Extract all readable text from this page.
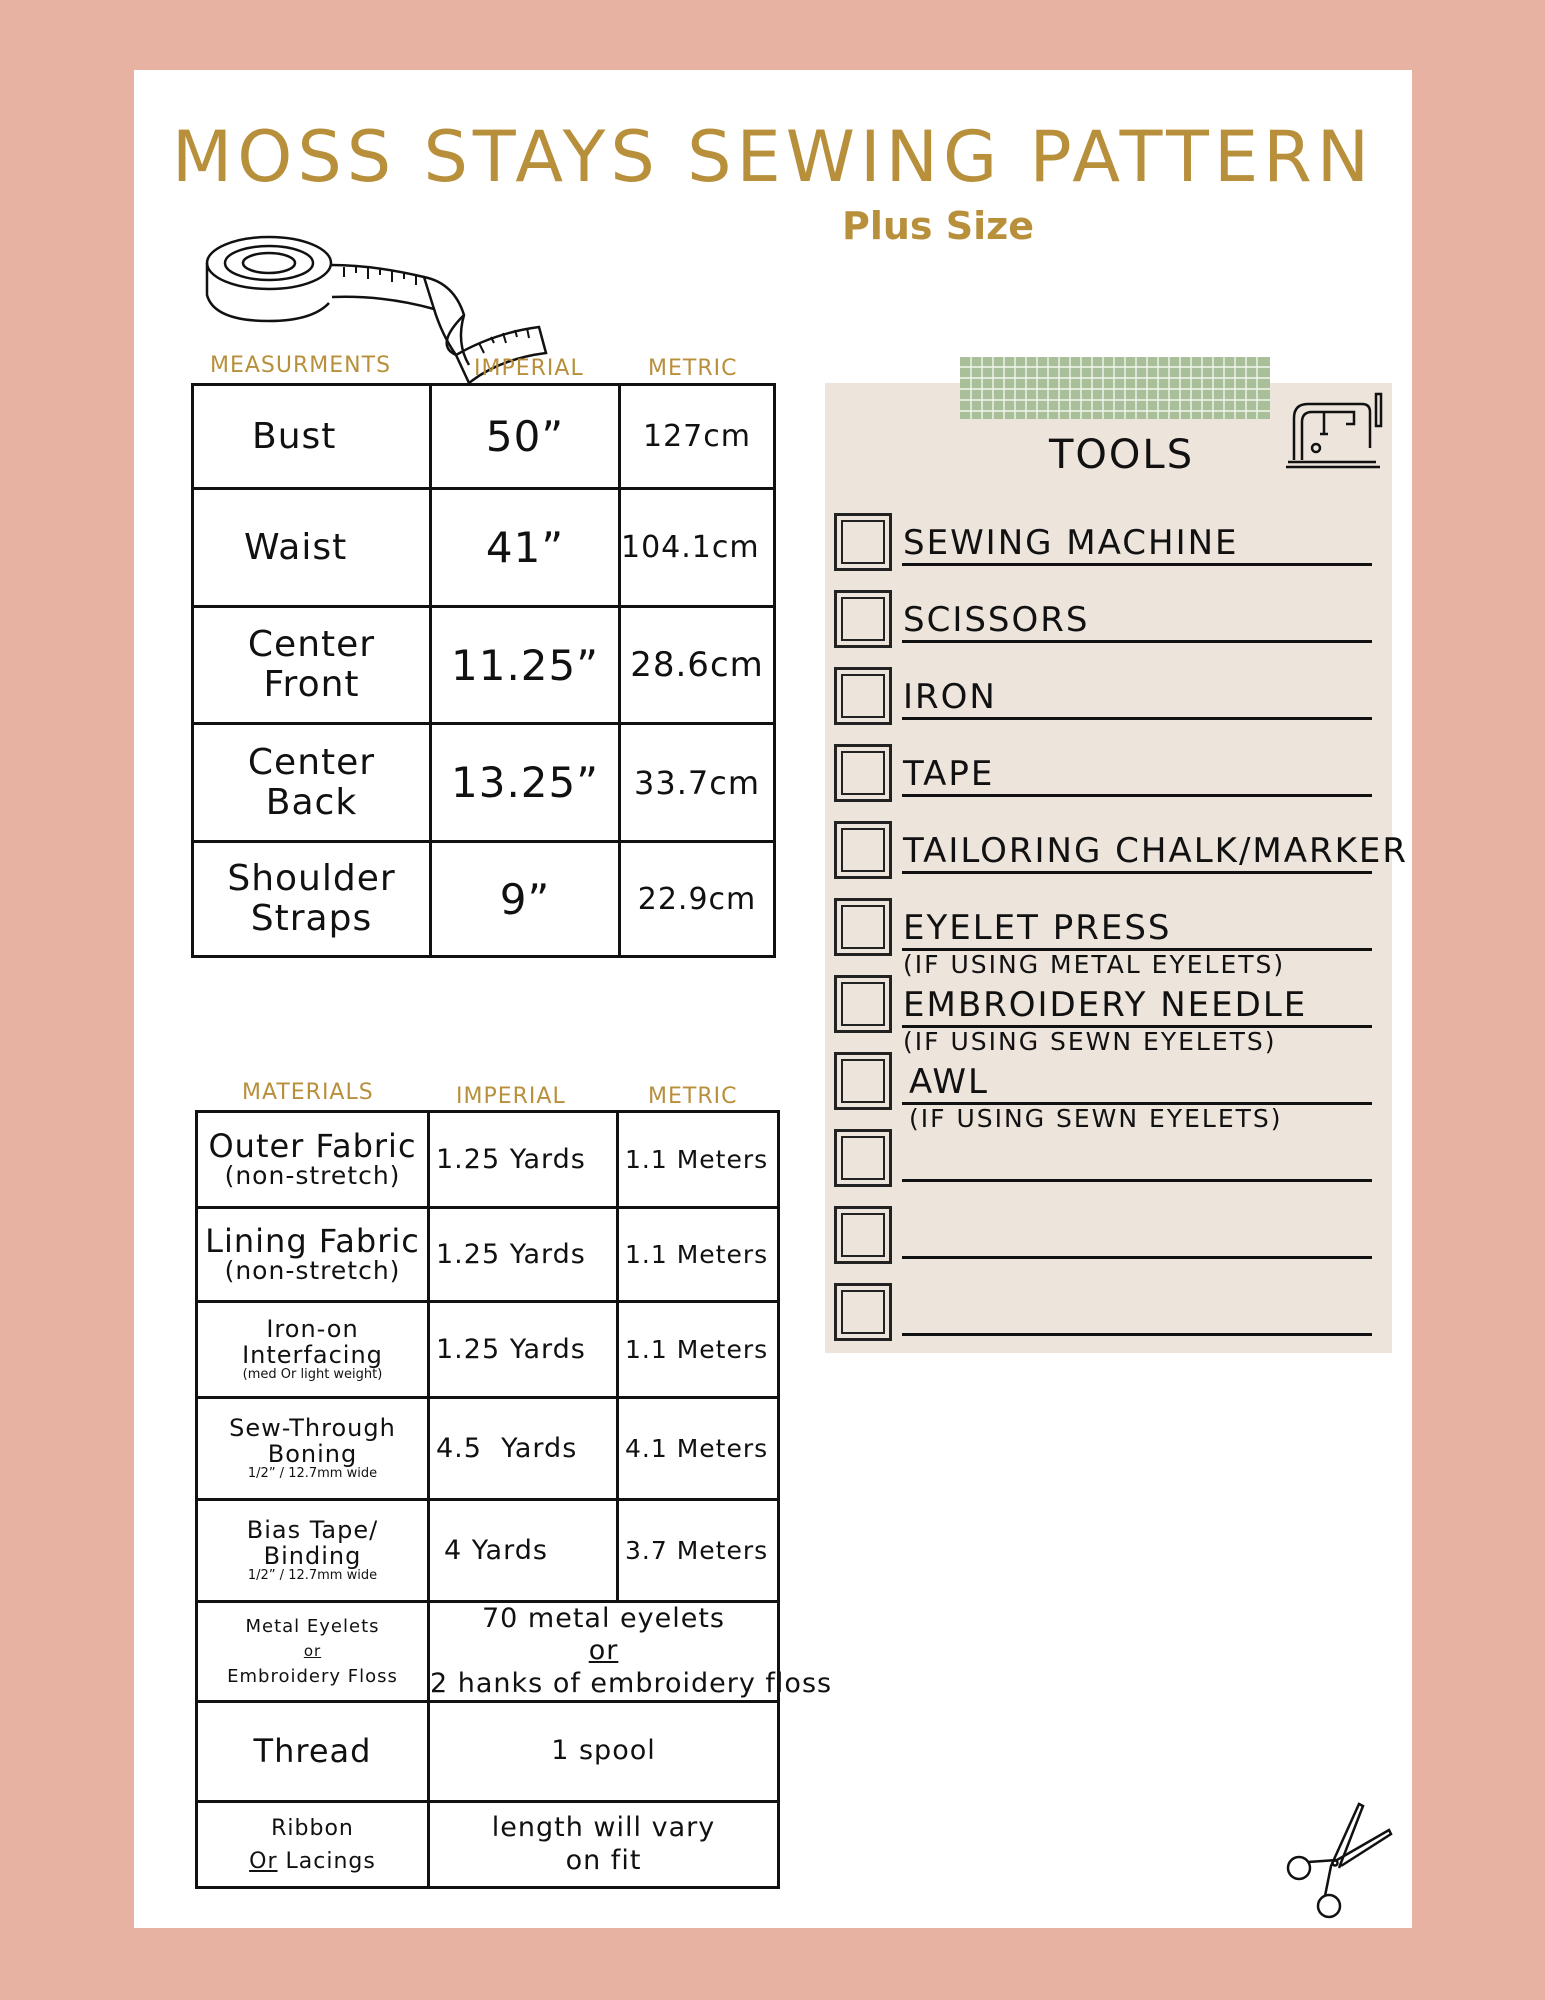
MOSS STAYS SEWING PATTERN
Plus Size
MEASURMENTS	IMPERIAL	METRIC
Bust	50”	127cm
Waist	41”	104.1cm

Center
Front	11.25”	28.6cm

Center
Back	13.25”	33.7cm

Shoulder
Straps	9”	22.9cm
MATERIALS	IMPERIAL	METRIC
Outer Fabric
(non-stretch)	1.25 Yards	1.1 Meters

Lining Fabric
(non-stretch)	1.25 Yards	1.1 Meters

Iron-on
Interfacing
(med Or light weight)	1.25 Yards	1.1 Meters

Sew-Through
Boning
1/2” / 12.7mm wide	4.5  Yards	4.1 Meters

Bias Tape/
Binding
1/2” / 12.7mm wide	4 Yards	3.7 Meters

Metal Eyelets
or
Embroidery Floss	70 metal eyelets
or
2 hanks of embroidery floss	

Thread	1 spool	

Ribbon
Or Lacings	length will vary
on fit	
TOOLS
SEWING MACHINE
SCISSORS
IRON
TAPE
TAILORING CHALK/MARKER
EYELET PRESS
(IF USING METAL EYELETS)
EMBROIDERY NEEDLE
(IF USING SEWN EYELETS)
AWL
(IF USING SEWN EYELETS)
